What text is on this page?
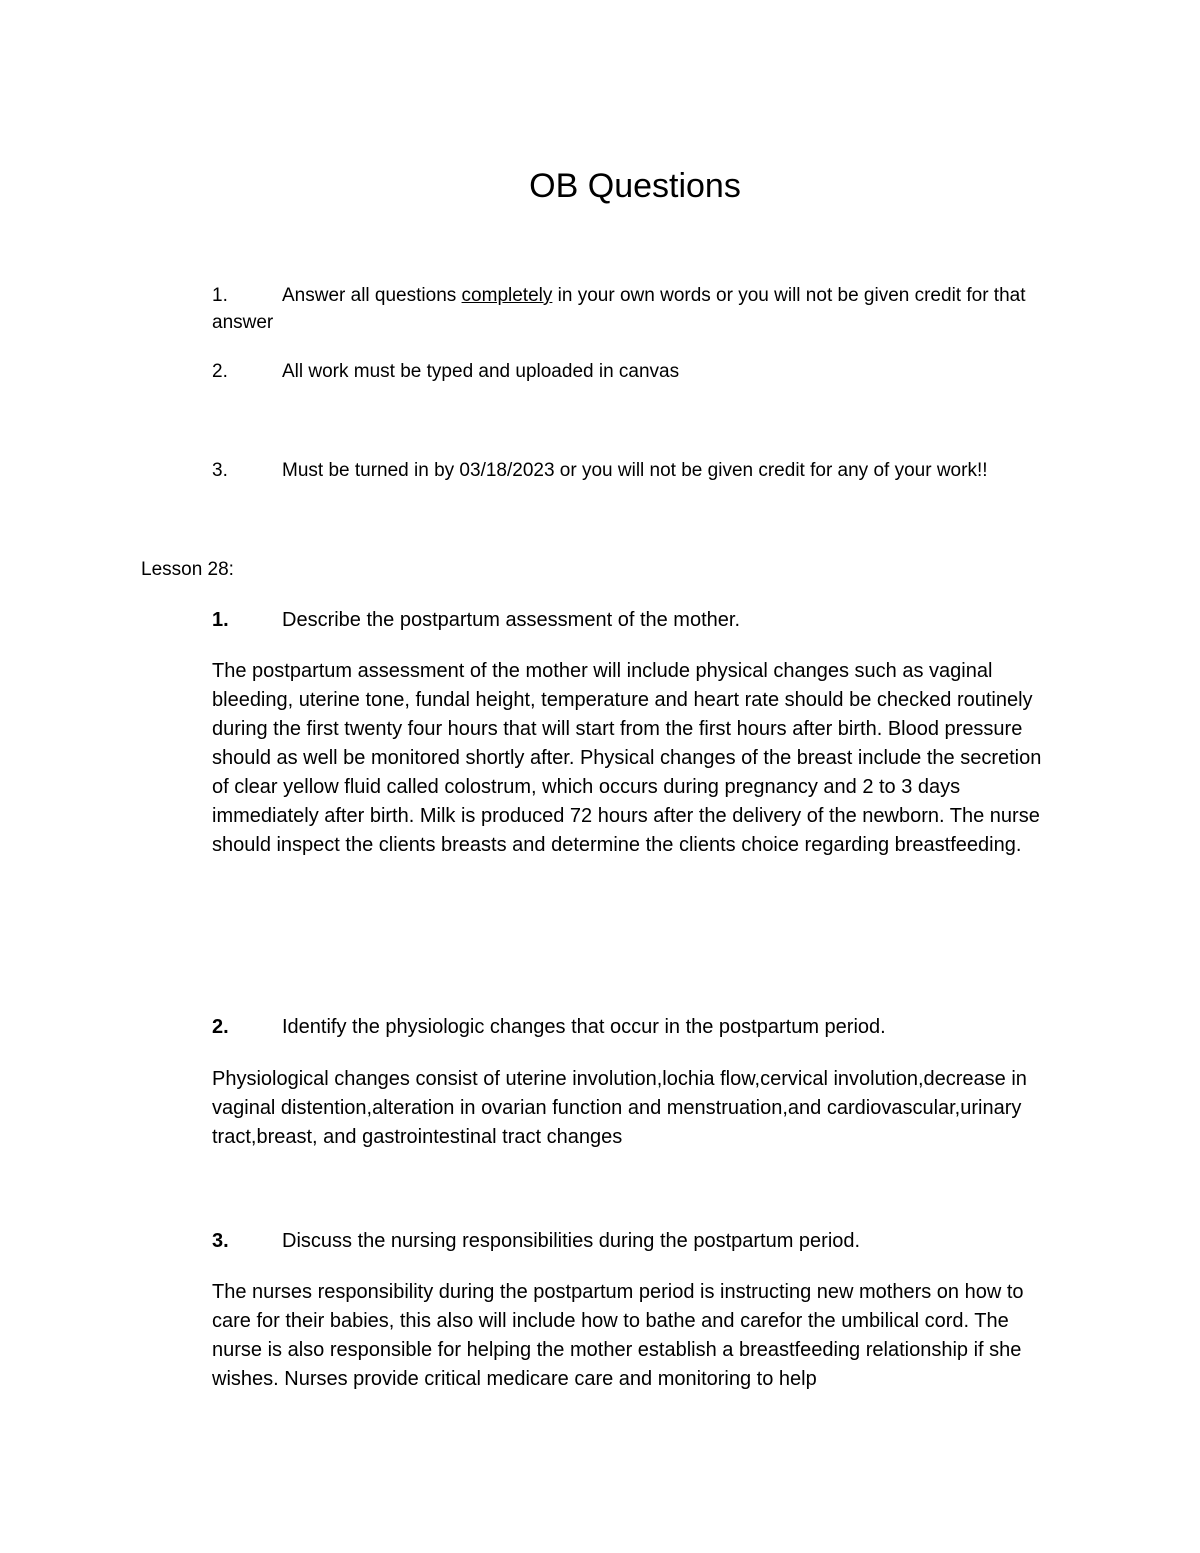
OB Questions
1.	Answer all questions completely in your own words or you will not be given credit for that answer
2.	All work must be typed and uploaded in canvas
3.	Must be turned in by 03/18/2023 or you will not be given credit for any of your work!!
Lesson 28:
1.	Describe the postpartum assessment of the mother.

The postpartum assessment of the mother will include physical changes such as vaginal bleeding, uterine tone, fundal height, temperature and heart rate should be checked routinely during the first twenty four hours that will start from the first hours after birth. Blood pressure should as well be monitored shortly after. Physical changes of the breast include the secretion of clear yellow fluid called colostrum, which occurs during pregnancy and 2 to 3 days immediately after birth. Milk is produced 72 hours after the delivery of the newborn. The nurse should inspect the clients breasts and determine the clients choice regarding breastfeeding.

2.	Identify the physiologic changes that occur in the postpartum period.

Physiological changes consist of uterine involution,lochia flow,cervical involution,decrease in vaginal distention,alteration in ovarian function and menstruation,and cardiovascular,urinary tract,breast, and gastrointestinal tract changes

3.	Discuss the nursing responsibilities during the postpartum period.

The nurses responsibility during the postpartum period is instructing new mothers on how to care for their babies, this also will include how to bathe and carefor the umbilical cord. The nurse is also responsible for helping the mother establish a breastfeeding relationship if she wishes. Nurses provide critical medicare care and monitoring to help
